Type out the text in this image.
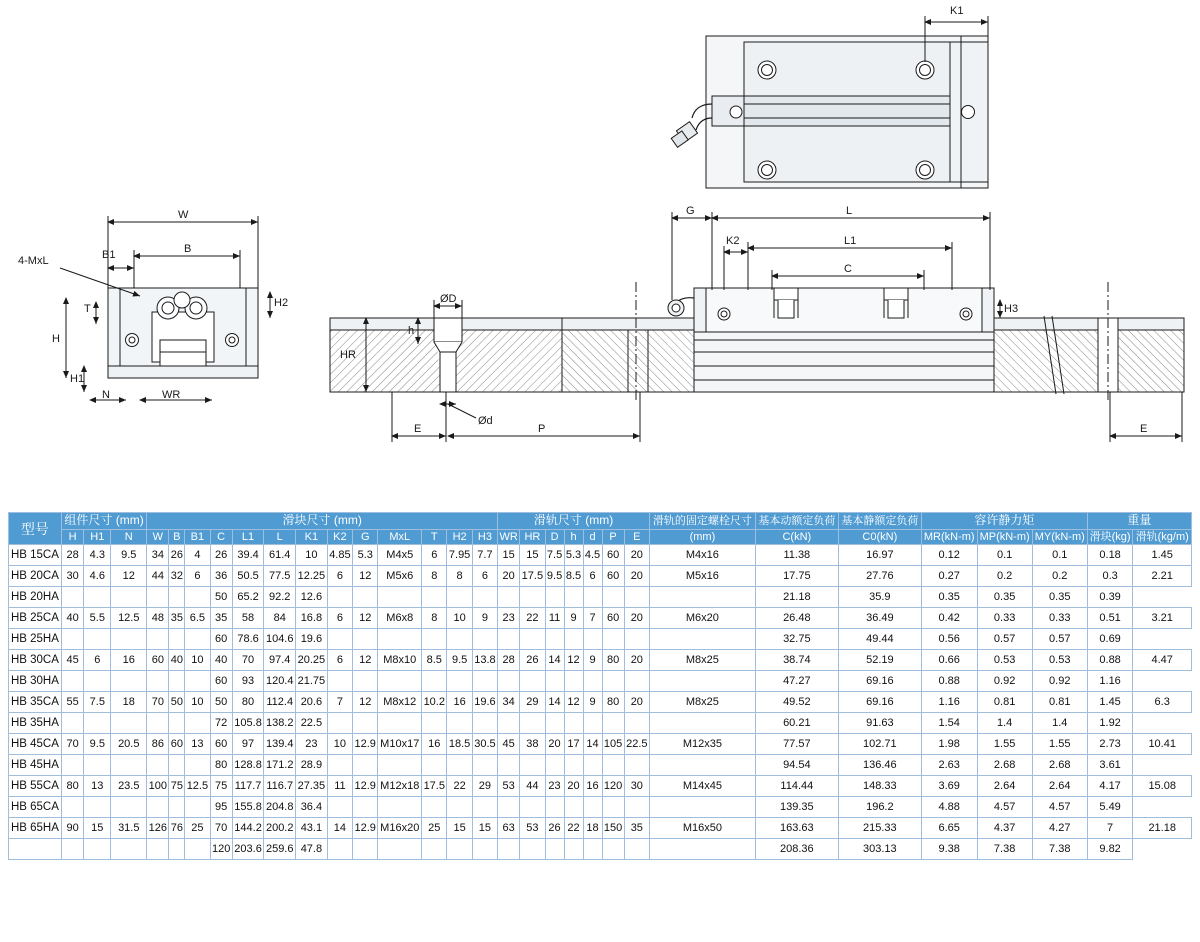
K1
4-MxL
W
B
B1
H2
T
H
H1
N	WR
G	L
L1
K2
C
H3
ØD
h
HR
Ød
E	P	E
型号	组件尺寸 (mm)			滑块尺寸 (mm)													滑轨尺寸 (mm)							滑轨的固定螺栓尺寸	基本动额定负荷	基本静额定负荷	容许静力矩			重量	
	H	H1	N	W	B	B1	C	L1	L	K1	K2	G	MxL	T	H2	H3	WR	HR	D	h	d	P	E	(mm)	C(kN)	C0(kN)	MR(kN-m)	MP(kN-m)	MY(kN-m)	滑块(kg)	滑轨(kg/m)
HB 15CA	28	4.3	9.5	34	26	4	26	39.4	61.4	10	4.85	5.3	M4x5	6	7.95	7.7	15	15	7.5	5.3	4.5	60	20	M4x16	11.38	16.97	0.12	0.1	0.1	0.18	1.45
HB 20CA	30	4.6	12	44	32	6	36	50.5	77.5	12.25	6	12	M5x6	8	8	6	20	17.5	9.5	8.5	6	60	20	M5x16	17.75	27.76	0.27	0.2	0.2	0.3	2.21
HB 20HA							50	65.2	92.2	12.6															21.18	35.9	0.35	0.35	0.35	0.39	
HB 25CA	40	5.5	12.5	48	35	6.5	35	58	84	16.8	6	12	M6x8	8	10	9	23	22	11	9	7	60	20	M6x20	26.48	36.49	0.42	0.33	0.33	0.51	3.21
HB 25HA							60	78.6	104.6	19.6															32.75	49.44	0.56	0.57	0.57	0.69	
HB 30CA	45	6	16	60	40	10	40	70	97.4	20.25	6	12	M8x10	8.5	9.5	13.8	28	26	14	12	9	80	20	M8x25	38.74	52.19	0.66	0.53	0.53	0.88	4.47
HB 30HA							60	93	120.4	21.75															47.27	69.16	0.88	0.92	0.92	1.16	
HB 35CA	55	7.5	18	70	50	10	50	80	112.4	20.6	7	12	M8x12	10.2	16	19.6	34	29	14	12	9	80	20	M8x25	49.52	69.16	1.16	0.81	0.81	1.45	6.3
HB 35HA							72	105.8	138.2	22.5															60.21	91.63	1.54	1.4	1.4	1.92	
HB 45CA	70	9.5	20.5	86	60	13	60	97	139.4	23	10	12.9	M10x17	16	18.5	30.5	45	38	20	17	14	105	22.5	M12x35	77.57	102.71	1.98	1.55	1.55	2.73	10.41
HB 45HA							80	128.8	171.2	28.9															94.54	136.46	2.63	2.68	2.68	3.61	
HB 55CA	80	13	23.5	100	75	12.5	75	117.7	116.7	27.35	11	12.9	M12x18	17.5	22	29	53	44	23	20	16	120	30	M14x45	114.44	148.33	3.69	2.64	2.64	4.17	15.08
HB 65CA							95	155.8	204.8	36.4															139.35	196.2	4.88	4.57	4.57	5.49	
HB 65HA	90	15	31.5	126	76	25	70	144.2	200.2	43.1	14	12.9	M16x20	25	15	15	63	53	26	22	18	150	35	M16x50	163.63	215.33	6.65	4.37	4.27	7	21.18
							120	203.6	259.6	47.8															208.36	303.13	9.38	7.38	7.38	9.82	
